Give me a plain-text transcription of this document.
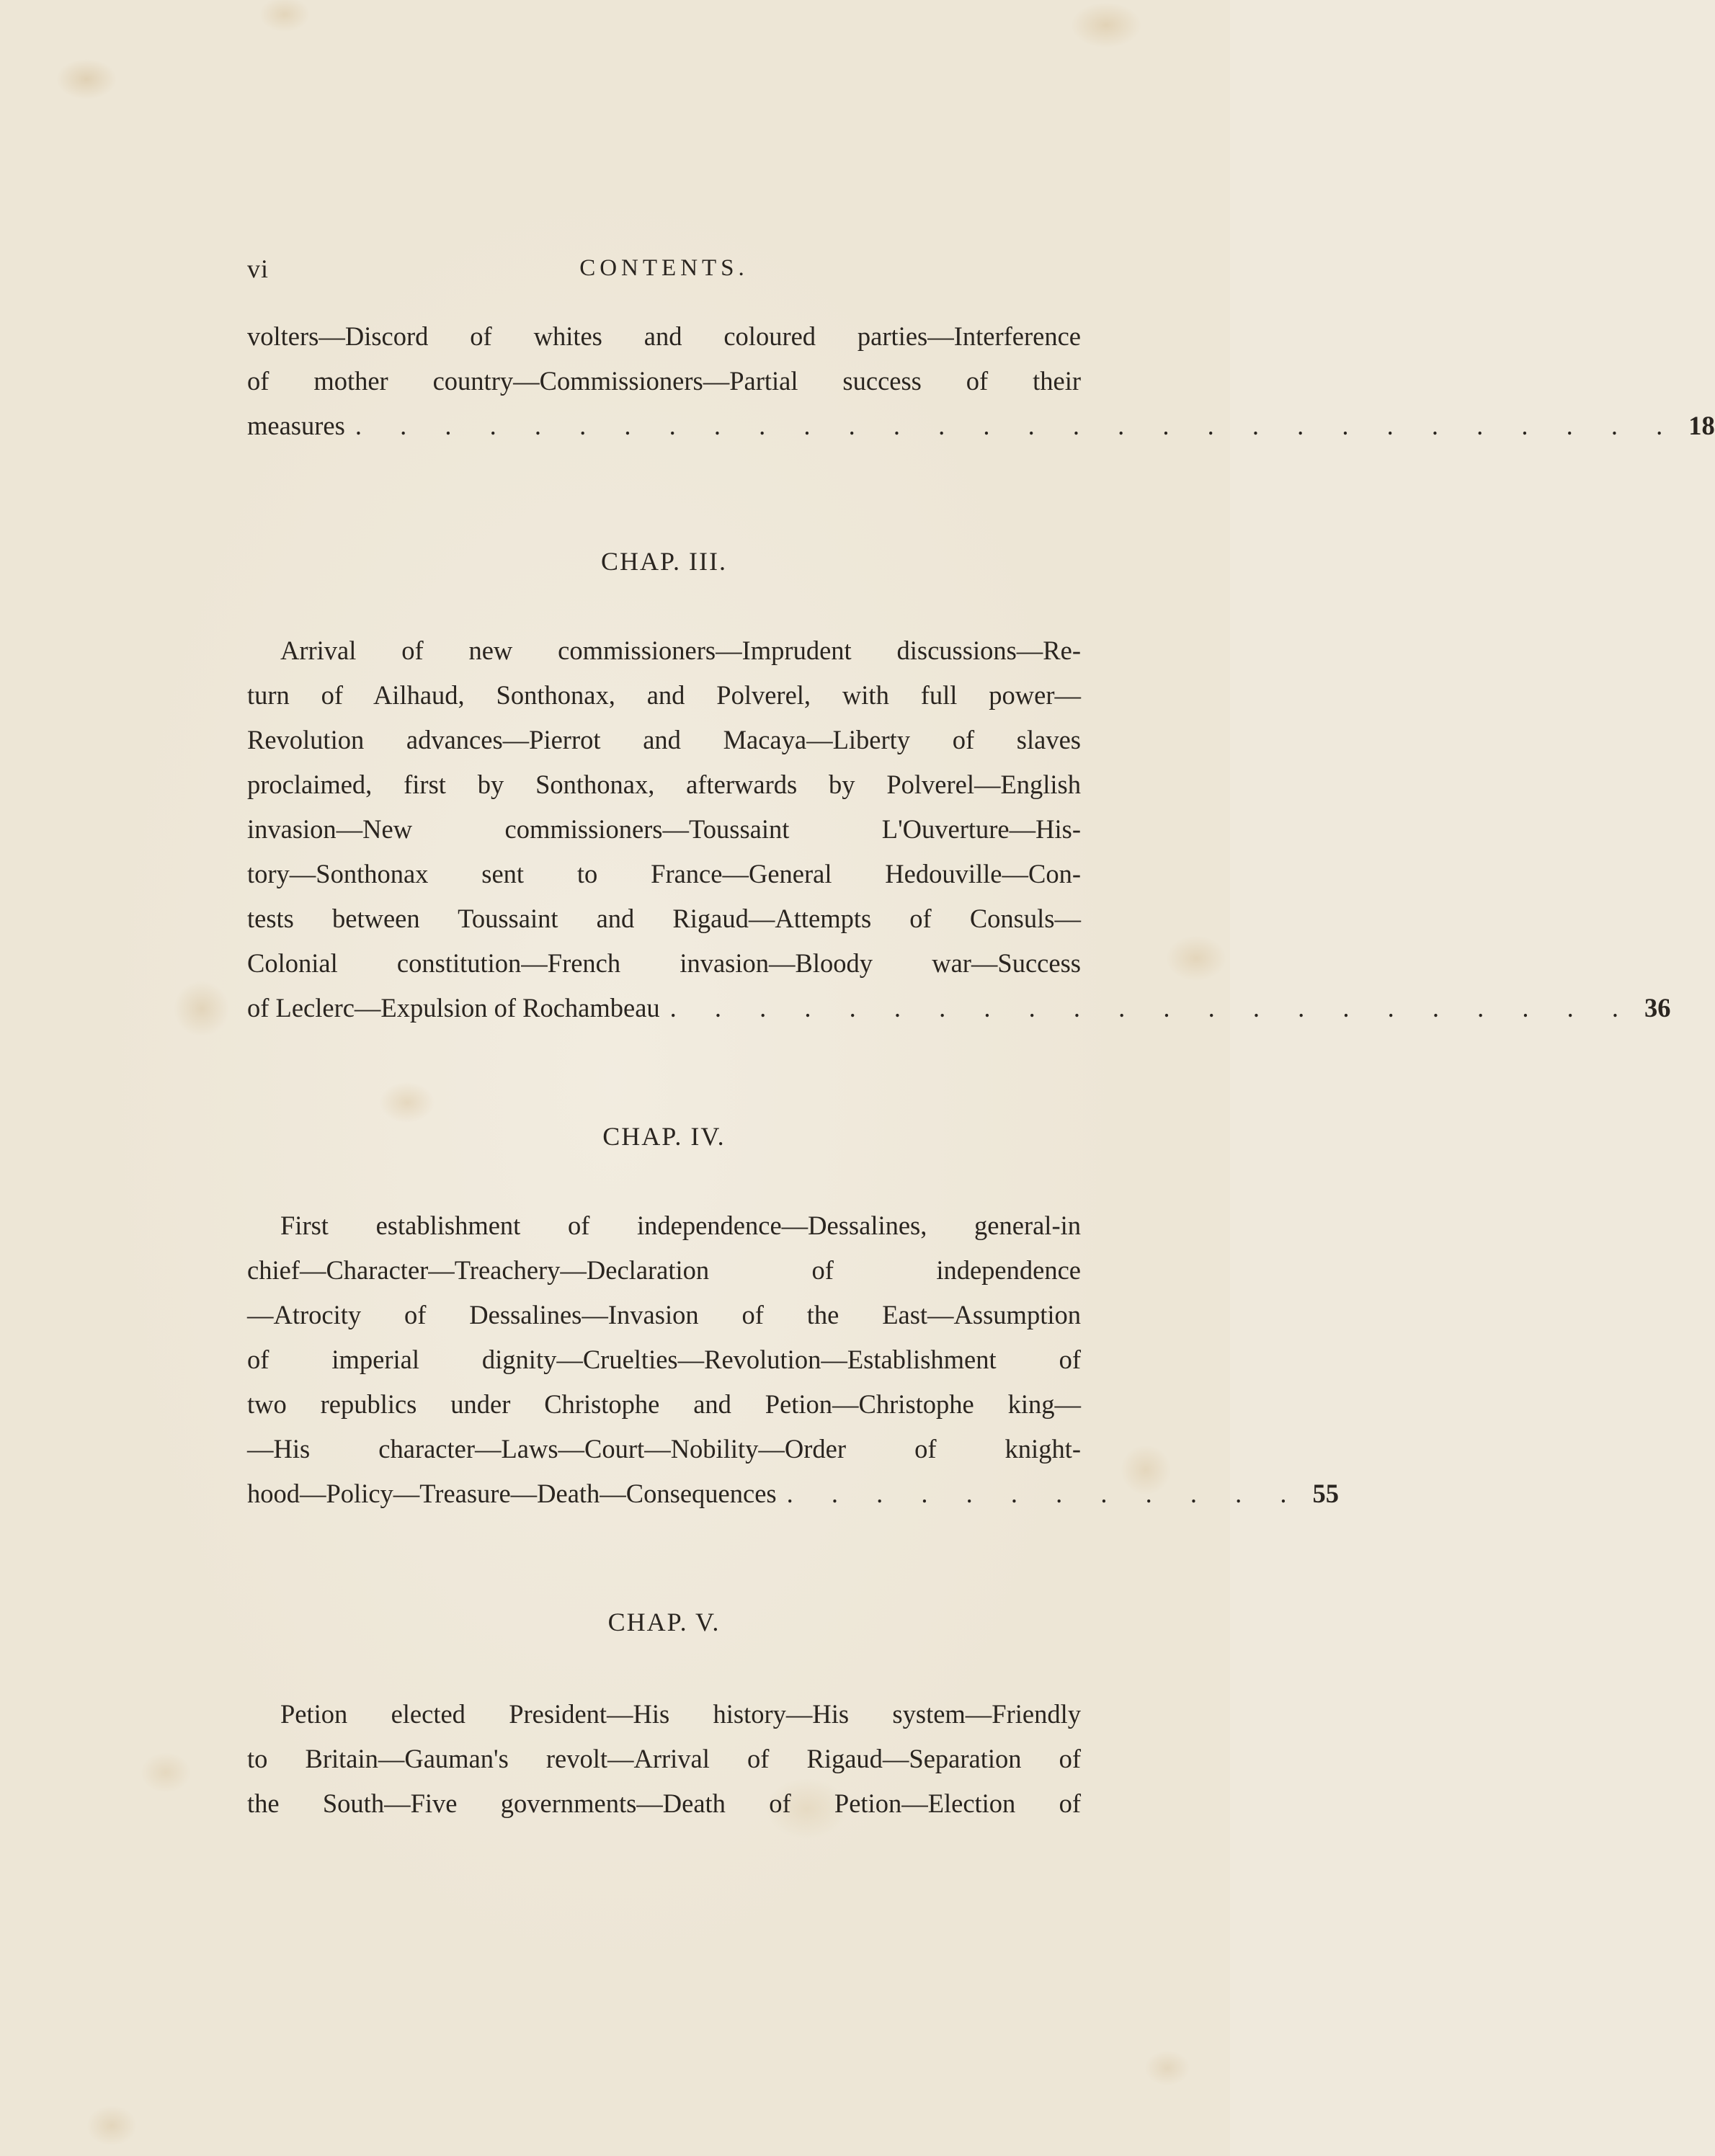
vi	CONTENTS.
volters—Discord of whites and coloured parties—Interference
of mother country—Commissioners—Partial success of their
measures . . . . . . . . . . . . . . . . . . . . . . . . . . . . . . 18
CHAP. III.
Arrival of new commissioners—Imprudent discussions—Re-
turn of Ailhaud, Sonthonax, and Polverel, with full power—
Revolution advances—Pierrot and Macaya—Liberty of slaves
proclaimed, first by Sonthonax, afterwards by Polverel—English
invasion—New commissioners—Toussaint L'Ouverture—His-
tory—Sonthonax sent to France—General Hedouville—Con-
tests between Toussaint and Rigaud—Attempts of Consuls—
Colonial constitution—French invasion—Bloody war—Success
of Leclerc—Expulsion of Rochambeau . . . . . . . . . . . . . . . . . . . . . . 36
CHAP. IV.
First establishment of independence—Dessalines, general-in
chief—Character—Treachery—Declaration of independence
—Atrocity of Dessalines—Invasion of the East—Assumption
of imperial dignity—Cruelties—Revolution—Establishment of
two republics under Christophe and Petion—Christophe king—
—His character—Laws—Court—Nobility—Order of knight-
hood—Policy—Treasure—Death—Consequences . . . . . . . . . . . . 55
CHAP. V.
Petion elected President—His history—His system—Friendly
to Britain—Gauman's revolt—Arrival of Rigaud—Separation of
the South—Five governments—Death of Petion—Election of
